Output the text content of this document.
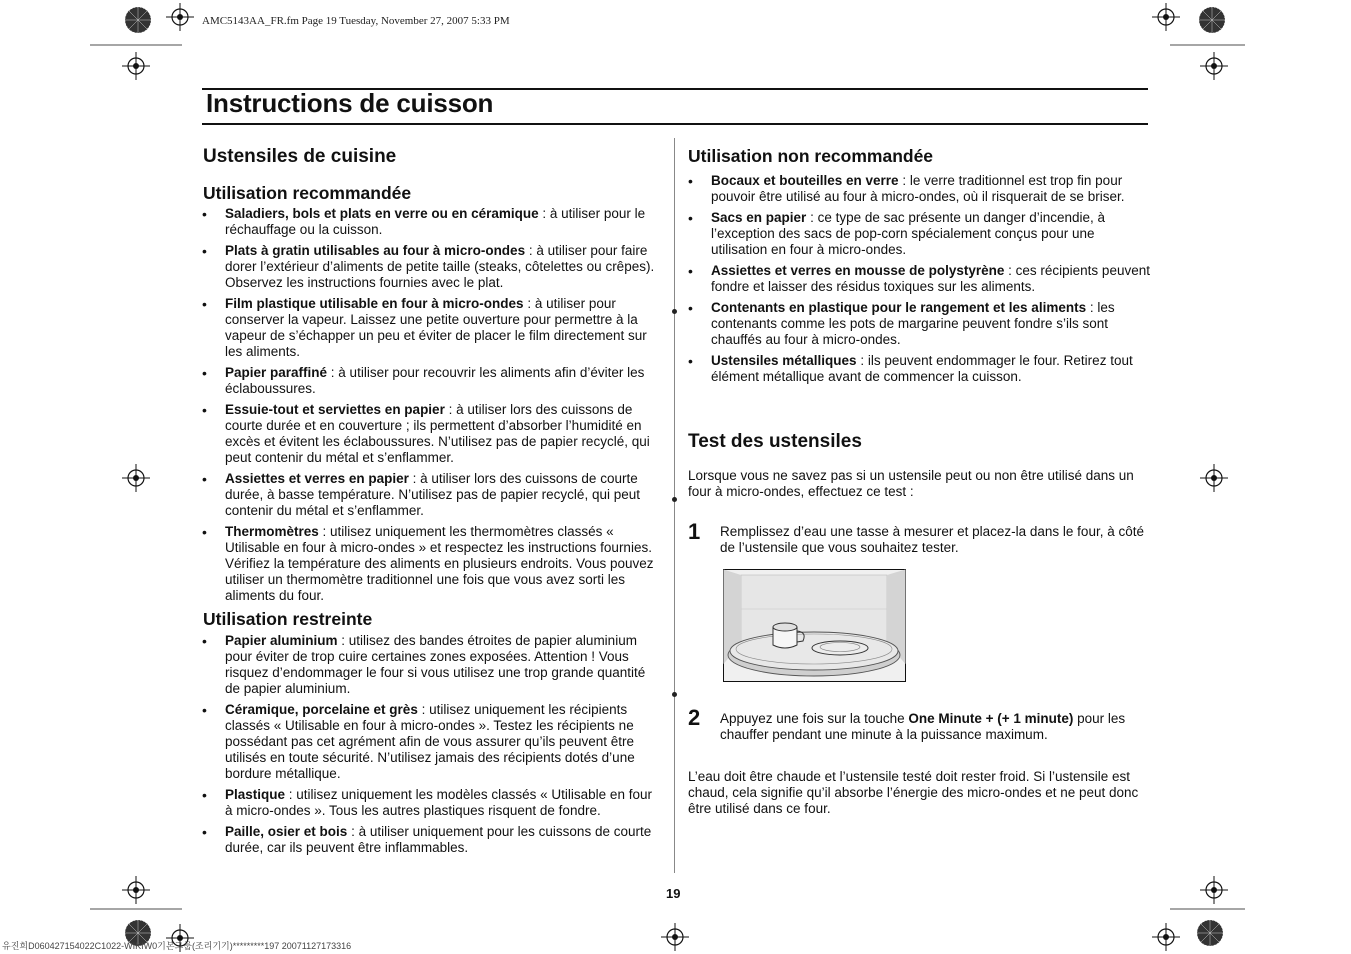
AMC5143AA_FR.fm Page 19 Tuesday, November 27, 2007 5:33 PM
Instructions de cuisson
Ustensiles de cuisine
Utilisation recommandée
• Saladiers, bols et plats en verre ou en céramique : à utiliser pour le réchauffage ou la cuisson.
• Plats à gratin utilisables au four à micro-ondes : à utiliser pour faire dorer l’extérieur d’aliments de petite taille (steaks, côtelettes ou crêpes). Observez les instructions fournies avec le plat.
• Film plastique utilisable en four à micro-ondes : à utiliser pour conserver la vapeur. Laissez une petite ouverture pour permettre à la vapeur de s’échapper un peu et éviter de placer le film directement sur les aliments.
• Papier paraffiné : à utiliser pour recouvrir les aliments afin d’éviter les éclaboussures.
• Essuie-tout et serviettes en papier : à utiliser lors des cuissons de courte durée et en couverture ; ils permettent d’absorber l’humidité en excès et évitent les éclaboussures. N’utilisez pas de papier recyclé, qui peut contenir du métal et s’enflammer.
• Assiettes et verres en papier : à utiliser lors des cuissons de courte durée, à basse température. N’utilisez pas de papier recyclé, qui peut contenir du métal et s’enflammer.
• Thermomètres : utilisez uniquement les thermomètres classés « Utilisable en four à micro-ondes » et respectez les instructions fournies. Vérifiez la température des aliments en plusieurs endroits. Vous pouvez utiliser un thermomètre traditionnel une fois que vous avez sorti les aliments du four.
Utilisation restreinte
• Papier aluminium : utilisez des bandes étroites de papier aluminium pour éviter de trop cuire certaines zones exposées. Attention ! Vous risquez d’endommager le four si vous utilisez une trop grande quantité de papier aluminium.
• Céramique, porcelaine et grès : utilisez uniquement les récipients classés « Utilisable en four à micro-ondes ». Testez les récipients ne possédant pas cet agrément afin de vous assurer qu’ils peuvent être utilisés en toute sécurité. N’utilisez jamais des récipients dotés d’une bordure métallique.
• Plastique : utilisez uniquement les modèles classés « Utilisable en four à micro-ondes ». Tous les autres plastiques risquent de fondre.
• Paille, osier et bois : à utiliser uniquement pour les cuissons de courte durée, car ils peuvent être inflammables.
Utilisation non recommandée
• Bocaux et bouteilles en verre : le verre traditionnel est trop fin pour pouvoir être utilisé au four à micro-ondes, où il risquerait de se briser.
• Sacs en papier : ce type de sac présente un danger d’incendie, à l’exception des sacs de pop-corn spécialement conçus pour une utilisation en four à micro-ondes.
• Assiettes et verres en mousse de polystyrène : ces récipients peuvent fondre et laisser des résidus toxiques sur les aliments.
• Contenants en plastique pour le rangement et les aliments : les contenants comme les pots de margarine peuvent fondre s’ils sont chauffés au four à micro-ondes.
• Ustensiles métalliques : ils peuvent endommager le four. Retirez tout élément métallique avant de commencer la cuisson.
Test des ustensiles

Lorsque vous ne savez pas si un ustensile peut ou non être utilisé dans un four à micro-ondes, effectuez ce test :

1 Remplissez d’eau une tasse à mesurer et placez-la dans le four, à côté de l’ustensile que vous souhaitez tester.

2 Appuyez une fois sur la touche One Minute + (+ 1 minute) pour les chauffer pendant une minute à la puissance maximum.

L’eau doit être chaude et l’ustensile testé doit rester froid. Si l’ustensile est chaud, cela signifie qu’il absorbe l’énergie des micro-ondes et ne peut donc être utilisé dans ce four.

19
유진희D060427154022C1022-WIKIW0기본그룹(조리기기)*********197 20071127173316
